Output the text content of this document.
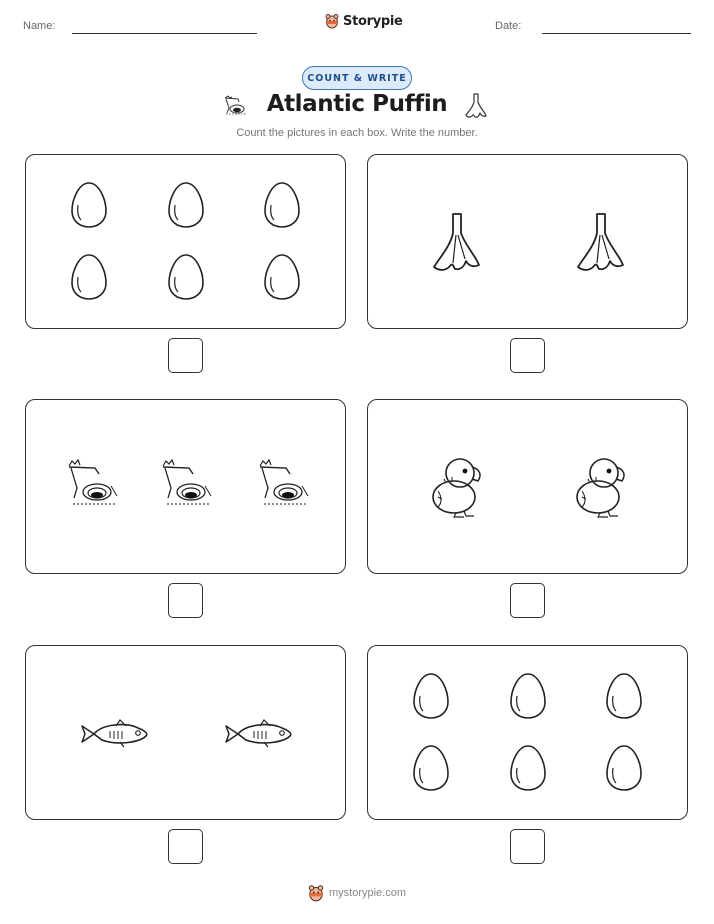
Name:	Storypie	Date:
COUNT & WRITE
Atlantic Puffin
Count the pictures in each box. Write the number.
mystorypie.com
